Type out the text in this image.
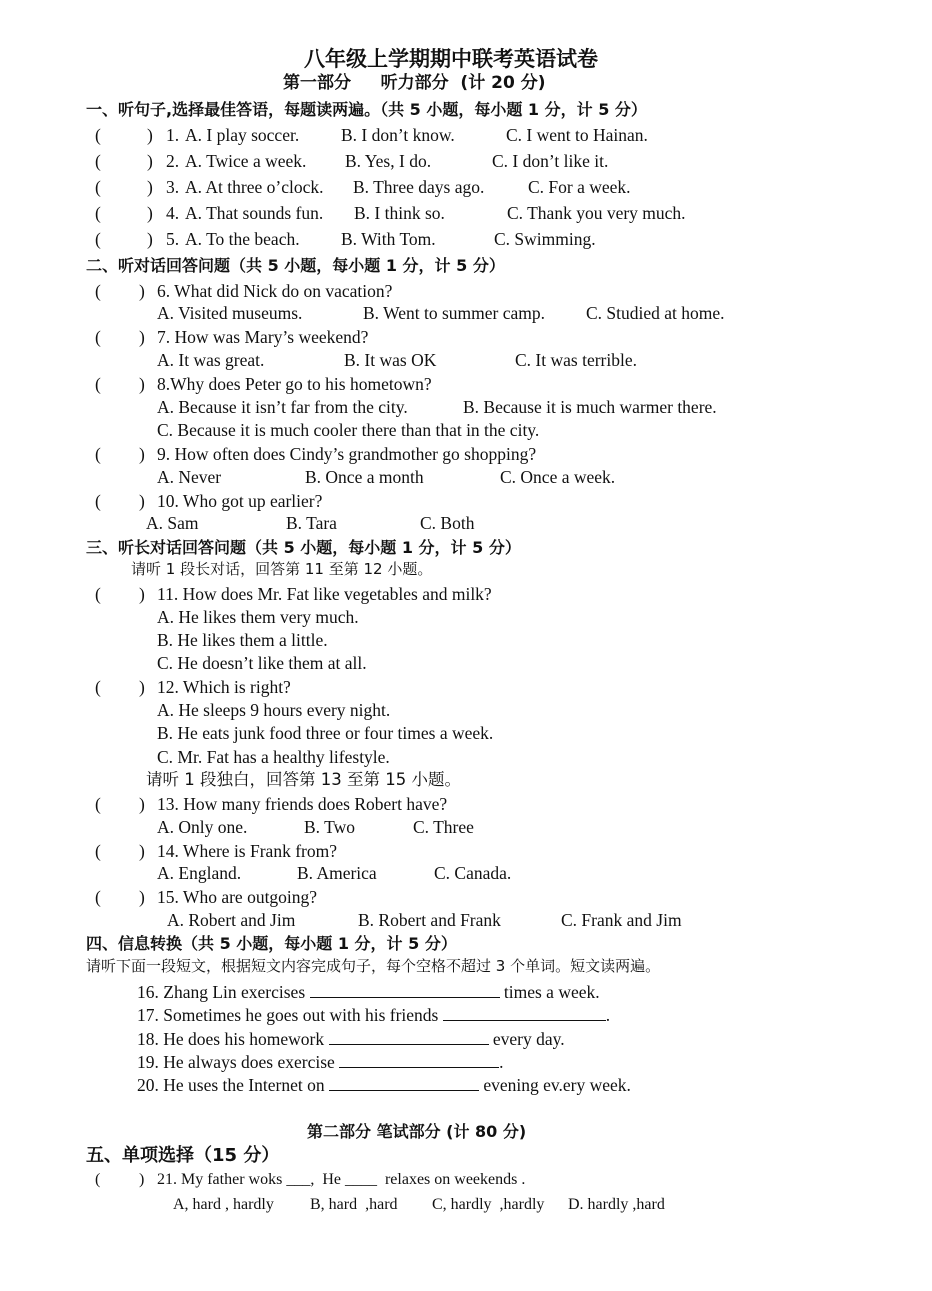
八年级上学期期中联考英语试卷
第一部分     听力部分  (计 20 分)
一、听句子,选择最佳答语，每题读两遍。（共 5 小题，每小题 1 分，计 5 分）
(	) 1. A. I play soccer. B. I don’t know.	C. I went to Hainan.
(	) 2. A. Twice a week. B. Yes, I do.	C. I don’t like it.
(	) 3. A. At three o’clock. B. Three days ago. C. For a week.
(	) 4. A. That sounds fun. B. I think so.	C. Thank you very much.
(	) 5. A. To the beach. B. With Tom.	C. Swimming.
二、听对话回答问题（共 5 小题，每小题 1 分，计 5 分）
( ) 6. What did Nick do on vacation?
A. Visited museums.	B. Went to summer camp. C. Studied at home.
( ) 7. How was Mary’s weekend?
A. It was great.	B. It was OK	C. It was terrible.
( ) 8.Why does Peter go to his hometown?
A. Because it isn’t far from the city.	B. Because it is much warmer there.
C. Because it is much cooler there than that in the city.
( ) 9. How often does Cindy’s grandmother go shopping?
A. Never	B. Once a month	C. Once a week.
( ) 10. Who got up earlier?
A. Sam	B. Tara	C. Both
三、听长对话回答问题（共 5 小题，每小题 1 分，计 5 分）
请听 1 段长对话，回答第 11 至第 12 小题。
( ) 11. How does Mr. Fat like vegetables and milk?
A. He likes them very much.
B. He likes them a little.
C. He doesn’t like them at all.
( ) 12. Which is right?
A. He sleeps 9 hours every night.
B. He eats junk food three or four times a week.
C. Mr. Fat has a healthy lifestyle.
请听 1 段独白，回答第 13 至第 15 小题。
( ) 13. How many friends does Robert have?
A. Only one.	B. Two	C. Three
( ) 14. Where is Frank from?
A. England.	B. America	C. Canada.
( ) 15. Who are outgoing?
A. Robert and Jim	B. Robert and Frank	C. Frank and Jim
四、信息转换（共 5 小题，每小题 1 分，计 5 分）
请听下面一段短文，根据短文内容完成句子，每个空格不超过 3 个单词。短文读两遍。
16. Zhang Lin exercises	times a week.
17. Sometimes he goes out with his friends	.
18. He does his homework	every day.
19. He always does exercise	.
20. He uses the Internet on	evening ev.ery week.
第二部分 笔试部分 (计 80 分)
五、单项选择（15 分）
( ) 21. My father woks ___,  He ____  relaxes on weekends .
A, hard , hardly B, hard  ,hard C, hardly  ,hardly D. hardly ,hard
